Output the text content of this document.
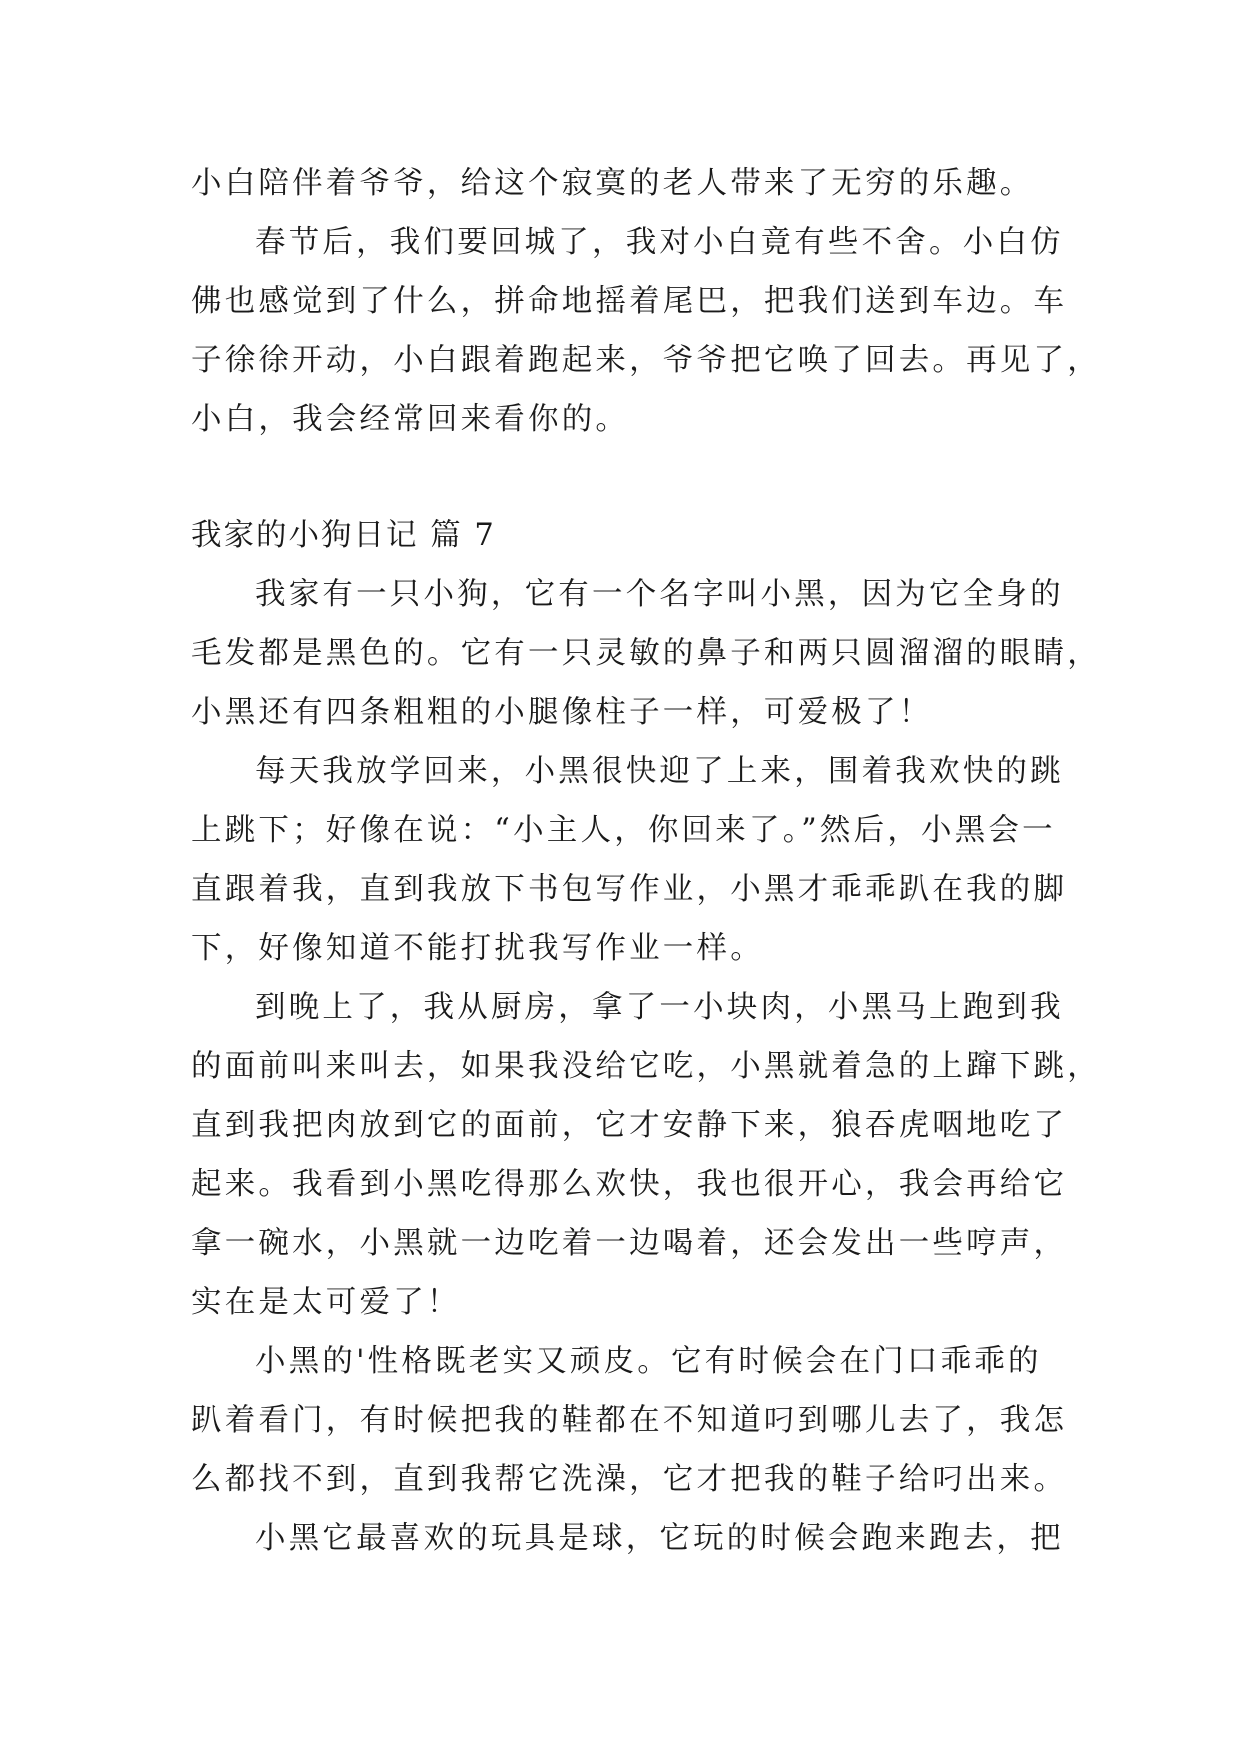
小白陪伴着爷爷，给这个寂寞的老人带来了无穷的乐趣。
春节后，我们要回城了，我对小白竟有些不舍。小白仿
佛也感觉到了什么，拼命地摇着尾巴，把我们送到车边。车
子徐徐开动，小白跟着跑起来，爷爷把它唤了回去。再见了，
小白，我会经常回来看你的。
我家的小狗日记 篇 7
我家有一只小狗，它有一个名字叫小黑，因为它全身的
毛发都是黑色的。它有一只灵敏的鼻子和两只圆溜溜的眼睛，
小黑还有四条粗粗的小腿像柱子一样，可爱极了！
每天我放学回来，小黑很快迎了上来，围着我欢快的跳
上跳下；好像在说：“小主人，你回来了。”然后，小黑会一
直跟着我，直到我放下书包写作业，小黑才乖乖趴在我的脚
下，好像知道不能打扰我写作业一样。
到晚上了，我从厨房，拿了一小块肉，小黑马上跑到我
的面前叫来叫去，如果我没给它吃，小黑就着急的上蹿下跳，
直到我把肉放到它的面前，它才安静下来，狼吞虎咽地吃了
起来。我看到小黑吃得那么欢快，我也很开心，我会再给它
拿一碗水，小黑就一边吃着一边喝着，还会发出一些哼声，
实在是太可爱了！
小黑的'性格既老实又顽皮。它有时候会在门口乖乖的
趴着看门，有时候把我的鞋都在不知道叼到哪儿去了，我怎
么都找不到，直到我帮它洗澡，它才把我的鞋子给叼出来。
小黑它最喜欢的玩具是球，它玩的时候会跑来跑去，把
